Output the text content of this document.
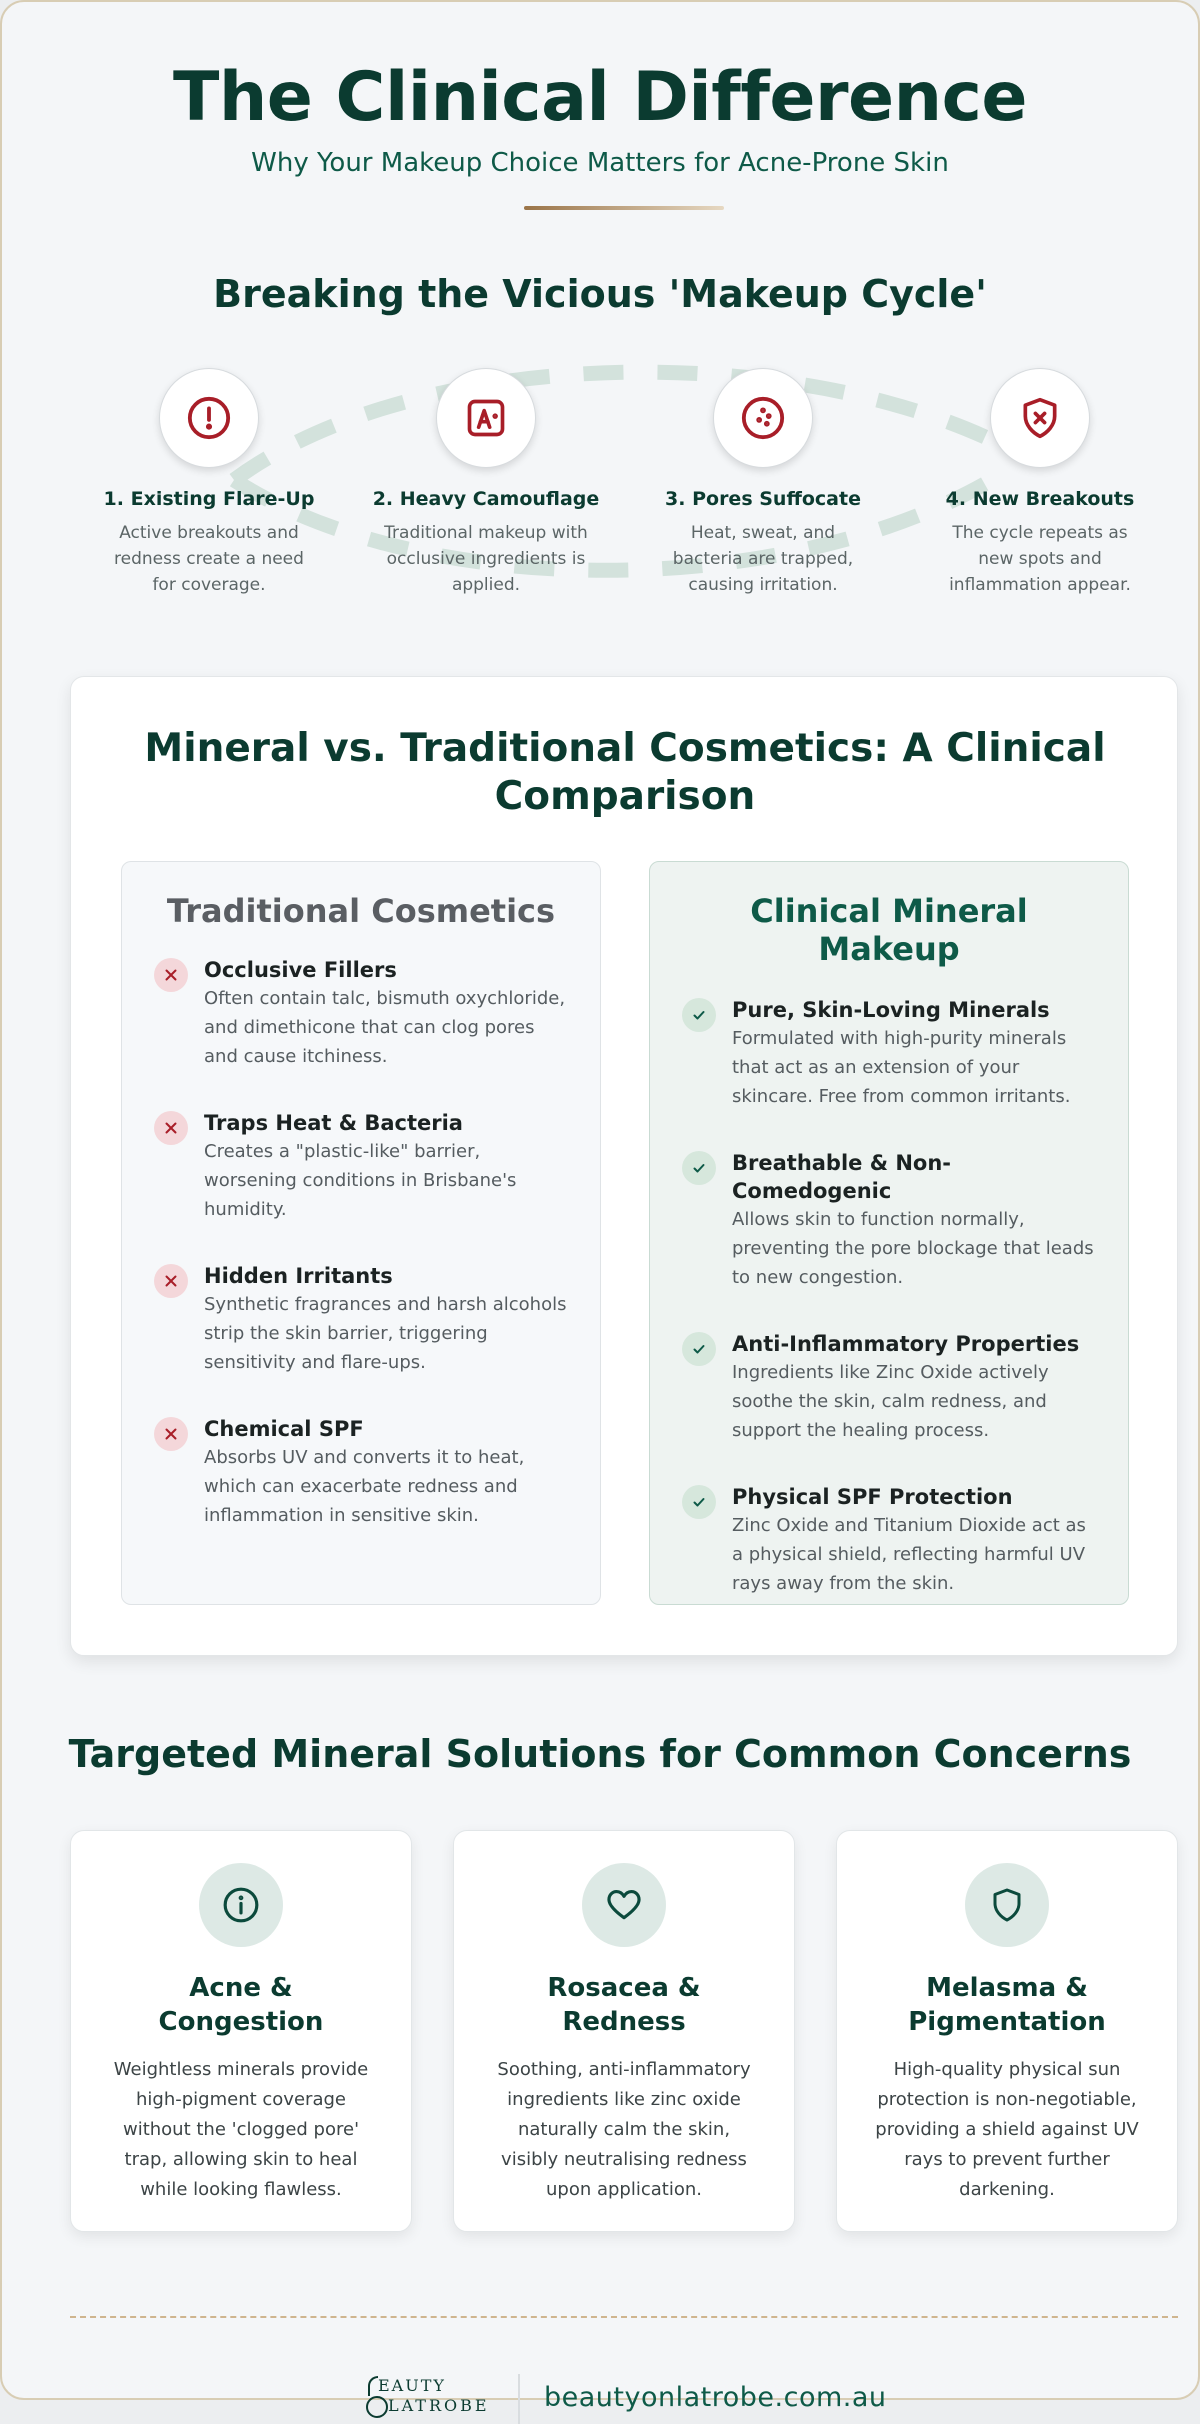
The Clinical Difference

Why Your Makeup Choice Matters for Acne-Prone Skin

Breaking the Vicious 'Makeup Cycle'
1. Existing Flare-Up
Active breakouts and redness create a need for coverage.
2. Heavy Camouflage
Traditional makeup with occlusive ingredients is applied.
3. Pores Suffocate
Heat, sweat, and bacteria are trapped, causing irritation.
4. New Breakouts
The cycle repeats as new spots and inflammation appear.
Mineral vs. Traditional Cosmetics: A Clinical Comparison
Traditional Cosmetics
Occlusive Fillers
Often contain talc, bismuth oxychloride, and dimethicone that can clog pores and cause itchiness.
Traps Heat & Bacteria
Creates a "plastic-like" barrier, worsening conditions in Brisbane's humidity.
Hidden Irritants
Synthetic fragrances and harsh alcohols strip the skin barrier, triggering sensitivity and flare-ups.
Chemical SPF
Absorbs UV and converts it to heat, which can exacerbate redness and inflammation in sensitive skin.
Clinical Mineral Makeup
Pure, Skin-Loving Minerals
Formulated with high-purity minerals that act as an extension of your skincare. Free from common irritants.
Breathable & Non-Comedogenic
Allows skin to function normally, preventing the pore blockage that leads to new congestion.
Anti-Inflammatory Properties
Ingredients like Zinc Oxide actively soothe the skin, calm redness, and support the healing process.
Physical SPF Protection
Zinc Oxide and Titanium Dioxide act as a physical shield, reflecting harmful UV rays away from the skin.
Targeted Mineral Solutions for Common Concerns
Acne & Congestion
Weightless minerals provide high-pigment coverage without the 'clogged pore' trap, allowing skin to heal while looking flawless.
Rosacea & Redness
Soothing, anti-inflammatory ingredients like zinc oxide naturally calm the skin, visibly neutralising redness upon application.
Melasma & Pigmentation
High-quality physical sun protection is non-negotiable, providing a shield against UV rays to prevent further darkening.
EAUTY
LATROBE beautyonlatrobe.com.au
